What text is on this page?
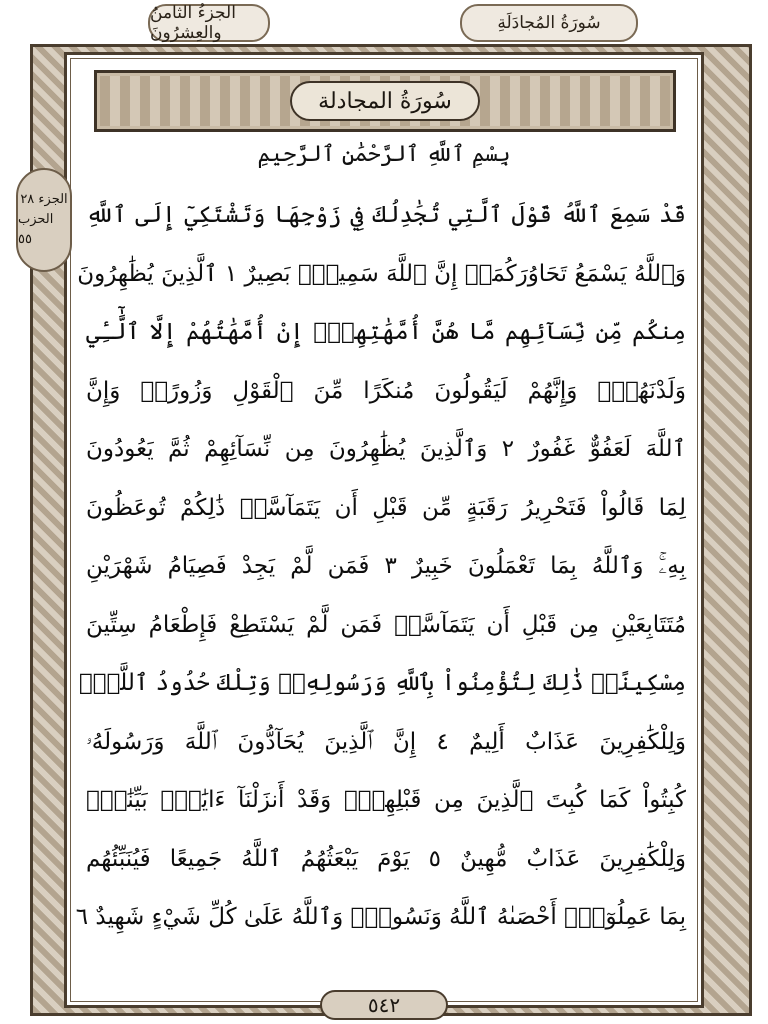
الجزءُ الثامنُ والعِشرُونَ	سُورَةُ المُجادَلَةِ
سُورَةُ المجادلة
الجزء ٢٨
الحزب ٥٥
بِسْمِ ٱللَّهِ ٱلرَّحْمَٰنِ ٱلرَّحِيمِ
قَدْ سَمِعَ ٱللَّهُ قَوْلَ ٱلَّتِي تُجَٰدِلُكَ فِي زَوْجِهَا وَتَشْتَكِيٓ إِلَى ٱللَّهِ
وَٱللَّهُ يَسْمَعُ تَحَاوُرَكُمَآۚ إِنَّ ٱللَّهَ سَمِيعٌۢ بَصِيرٌ ١ ٱلَّذِينَ يُظَٰهِرُونَ
مِنكُم مِّن نِّسَآئِهِم مَّا هُنَّ أُمَّهَٰتِهِمْۖ إِنْ أُمَّهَٰتُهُمْ إِلَّا ٱلَّٰٓـِٔي
وَلَدْنَهُمْۚ وَإِنَّهُمْ لَيَقُولُونَ مُنكَرًا مِّنَ ٱلْقَوْلِ وَزُورًاۚ وَإِنَّ
ٱللَّهَ لَعَفُوٌّ غَفُورٌ ٢ وَٱلَّذِينَ يُظَٰهِرُونَ مِن نِّسَآئِهِمْ ثُمَّ يَعُودُونَ
لِمَا قَالُواْ فَتَحْرِيرُ رَقَبَةٍ مِّن قَبْلِ أَن يَتَمَآسَّاۚ ذَٰلِكُمْ تُوعَظُونَ
بِهِۦۚ وَٱللَّهُ بِمَا تَعْمَلُونَ خَبِيرٌ ٣ فَمَن لَّمْ يَجِدْ فَصِيَامُ شَهْرَيْنِ
مُتَتَابِعَيْنِ مِن قَبْلِ أَن يَتَمَآسَّاۖ فَمَن لَّمْ يَسْتَطِعْ فَإِطْعَامُ سِتِّينَ
مِسْكِينًاۚ ذَٰلِكَ لِتُؤْمِنُواْ بِٱللَّهِ وَرَسُولِهِۦۚ وَتِلْكَ حُدُودُ ٱللَّهِۗ
وَلِلْكَٰفِرِينَ عَذَابٌ أَلِيمٌ ٤ إِنَّ ٱلَّذِينَ يُحَآدُّونَ ٱللَّهَ وَرَسُولَهُۥ
كُبِتُواْ كَمَا كُبِتَ ٱلَّذِينَ مِن قَبْلِهِمْۚ وَقَدْ أَنزَلْنَآ ءَايَٰتِۭ بَيِّنَٰتٍۚ
وَلِلْكَٰفِرِينَ عَذَابٌ مُّهِينٌ ٥ يَوْمَ يَبْعَثُهُمُ ٱللَّهُ جَمِيعًا فَيُنَبِّئُهُم
بِمَا عَمِلُوٓاْۚ أَحْصَىٰهُ ٱللَّهُ وَنَسُوهُۚ وَٱللَّهُ عَلَىٰ كُلِّ شَيْءٍ شَهِيدٌ ٦
٥٤٢
